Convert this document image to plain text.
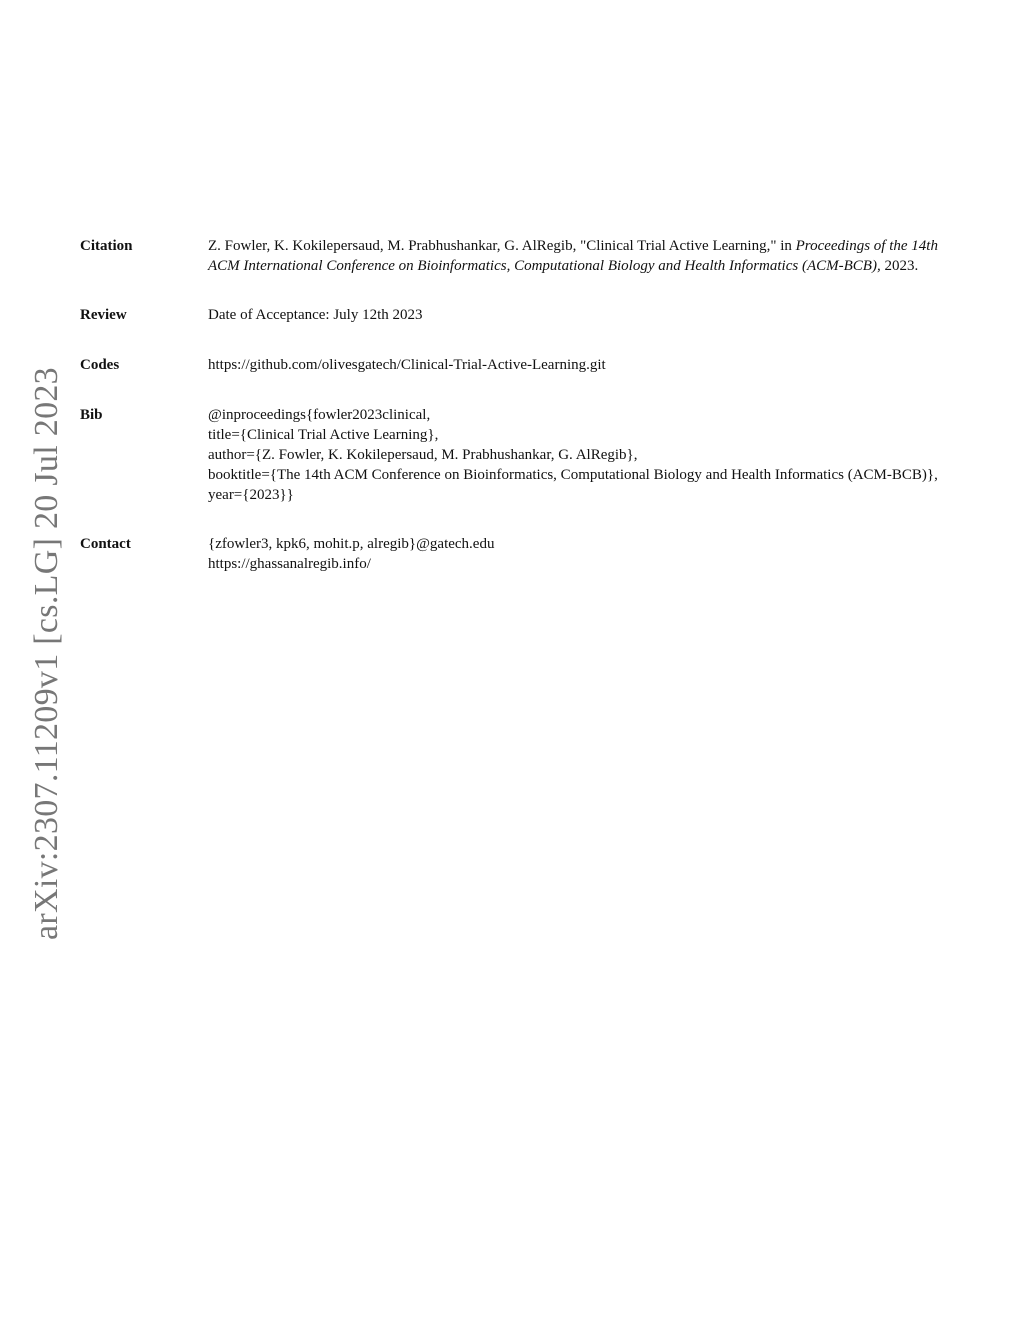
arXiv:2307.11209v1 [cs.LG] 20 Jul 2023
Citation	Z. Fowler, K. Kokilepersaud, M. Prabhushankar, G. AlRegib, "Clinical Trial Active Learning," in Proceedings of the 14th ACM International Conference on Bioinformatics, Computational Biology and Health Informatics (ACM-BCB), 2023.
Review	Date of Acceptance: July 12th 2023
Codes	https://github.com/olivesgatech/Clinical-Trial-Active-Learning.git
Bib	@inproceedings{fowler2023clinical,
title={Clinical Trial Active Learning},
author={Z. Fowler, K. Kokilepersaud, M. Prabhushankar, G. AlRegib},
booktitle={The 14th ACM Conference on Bioinformatics, Computational Biology and Health Informatics (ACM-BCB)},
year={2023}}
Contact	{zfowler3, kpk6, mohit.p, alregib}@gatech.edu
https://ghassanalregib.info/
